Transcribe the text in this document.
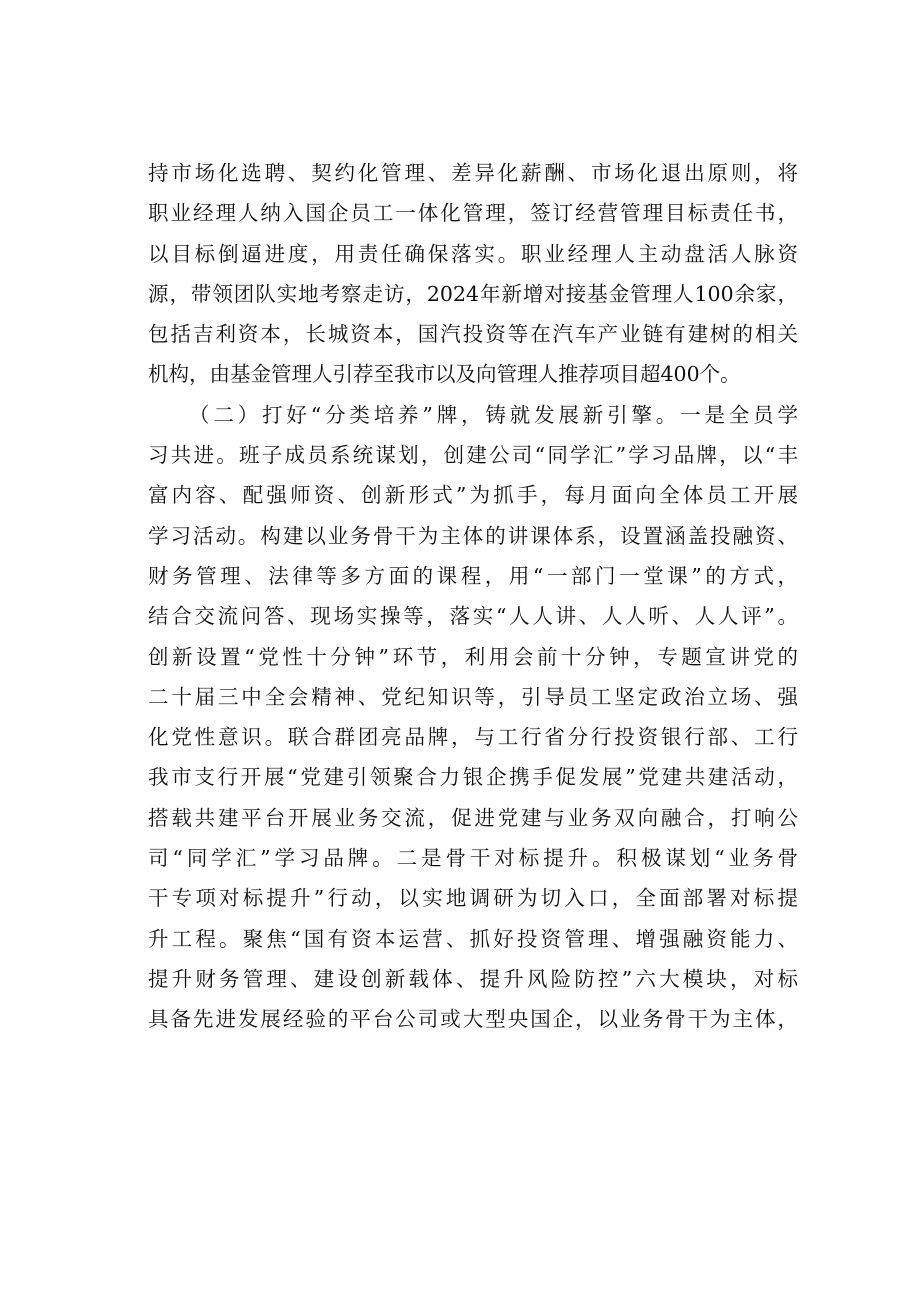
持市场化选聘、契约化管理、差异化薪酬、市场化退出原则，将
职业经理人纳入国企员工一体化管理，签订经营管理目标责任书，
以目标倒逼进度，用责任确保落实。职业经理人主动盘活人脉资
源，带领团队实地考察走访，2024年新增对接基金管理人100余家，
包括吉利资本，长城资本，国汽投资等在汽车产业链有建树的相关
机构，由基金管理人引荐至我市以及向管理人推荐项目超400个。
（二）打好“分类培养”牌，铸就发展新引擎。一是全员学
习共进。班子成员系统谋划，创建公司“同学汇”学习品牌，以“丰
富内容、配强师资、创新形式”为抓手，每月面向全体员工开展
学习活动。构建以业务骨干为主体的讲课体系，设置涵盖投融资、
财务管理、法律等多方面的课程，用“一部门一堂课”的方式，
结合交流问答、现场实操等，落实“人人讲、人人听、人人评”。
创新设置“党性十分钟”环节，利用会前十分钟，专题宣讲党的
二十届三中全会精神、党纪知识等，引导员工坚定政治立场、强
化党性意识。联合群团亮品牌，与工行省分行投资银行部、工行
我市支行开展“党建引领聚合力银企携手促发展”党建共建活动，
搭载共建平台开展业务交流，促进党建与业务双向融合，打响公
司“同学汇”学习品牌。二是骨干对标提升。积极谋划“业务骨
干专项对标提升”行动，以实地调研为切入口，全面部署对标提
升工程。聚焦“国有资本运营、抓好投资管理、增强融资能力、
提升财务管理、建设创新载体、提升风险防控”六大模块，对标
具备先进发展经验的平台公司或大型央国企，以业务骨干为主体，
